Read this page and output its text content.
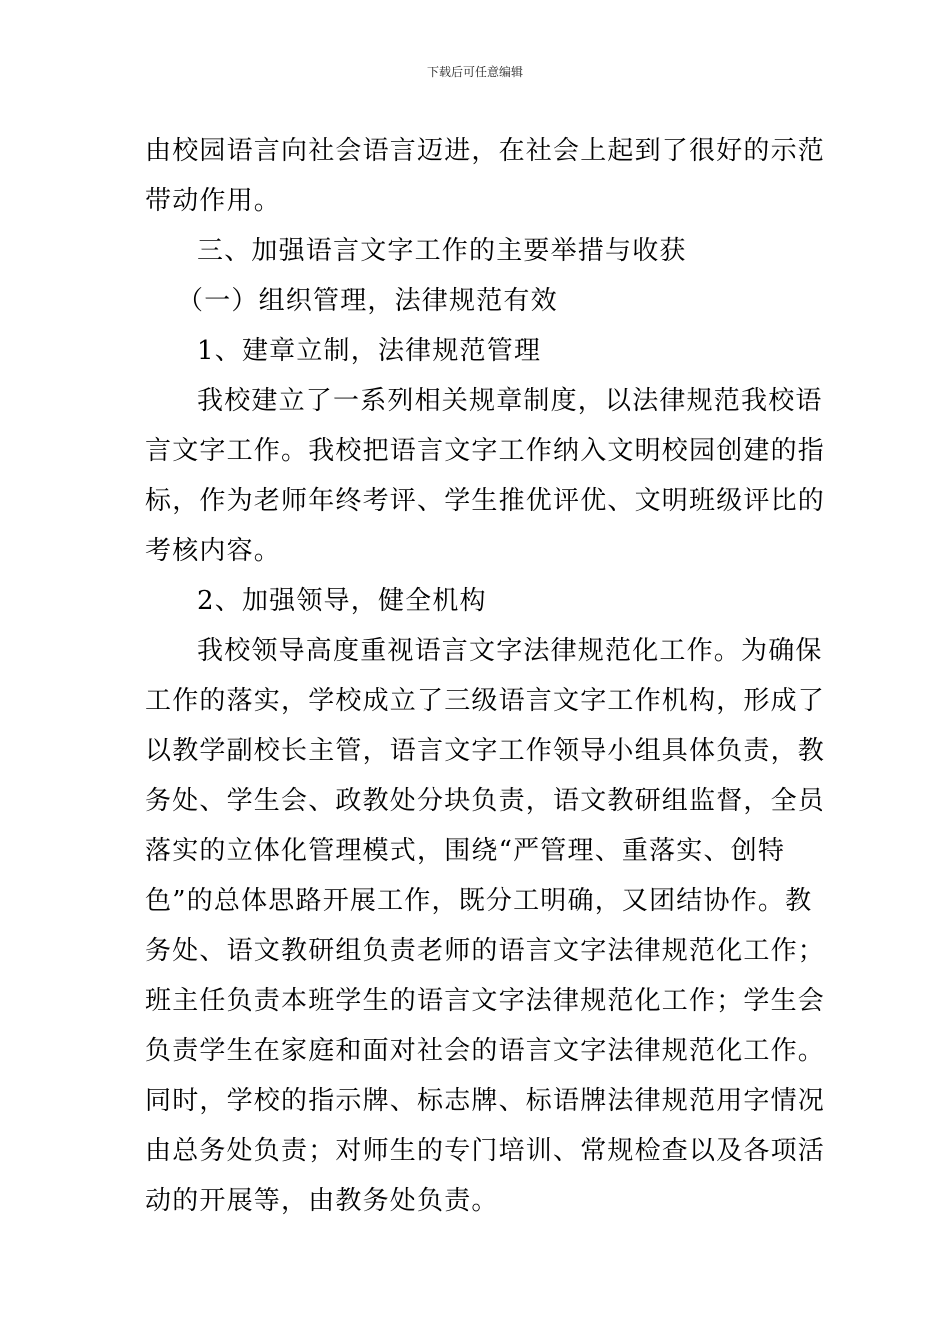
下载后可任意编辑
由校园语言向社会语言迈进，在社会上起到了很好的示范
带动作用。
三、加强语言文字工作的主要举措与收获
（一）组织管理，法律规范有效
1、建章立制，法律规范管理
我校建立了一系列相关规章制度，以法律规范我校语
言文字工作。我校把语言文字工作纳入文明校园创建的指
标，作为老师年终考评、学生推优评优、文明班级评比的
考核内容。
2、加强领导，健全机构
我校领导高度重视语言文字法律规范化工作。为确保
工作的落实，学校成立了三级语言文字工作机构，形成了
以教学副校长主管，语言文字工作领导小组具体负责，教
务处、学生会、政教处分块负责，语文教研组监督，全员
落实的立体化管理模式，围绕“严管理、重落实、创特
色”的总体思路开展工作，既分工明确，又团结协作。教
务处、语文教研组负责老师的语言文字法律规范化工作；
班主任负责本班学生的语言文字法律规范化工作；学生会
负责学生在家庭和面对社会的语言文字法律规范化工作。
同时，学校的指示牌、标志牌、标语牌法律规范用字情况
由总务处负责；对师生的专门培训、常规检查以及各项活
动的开展等，由教务处负责。
